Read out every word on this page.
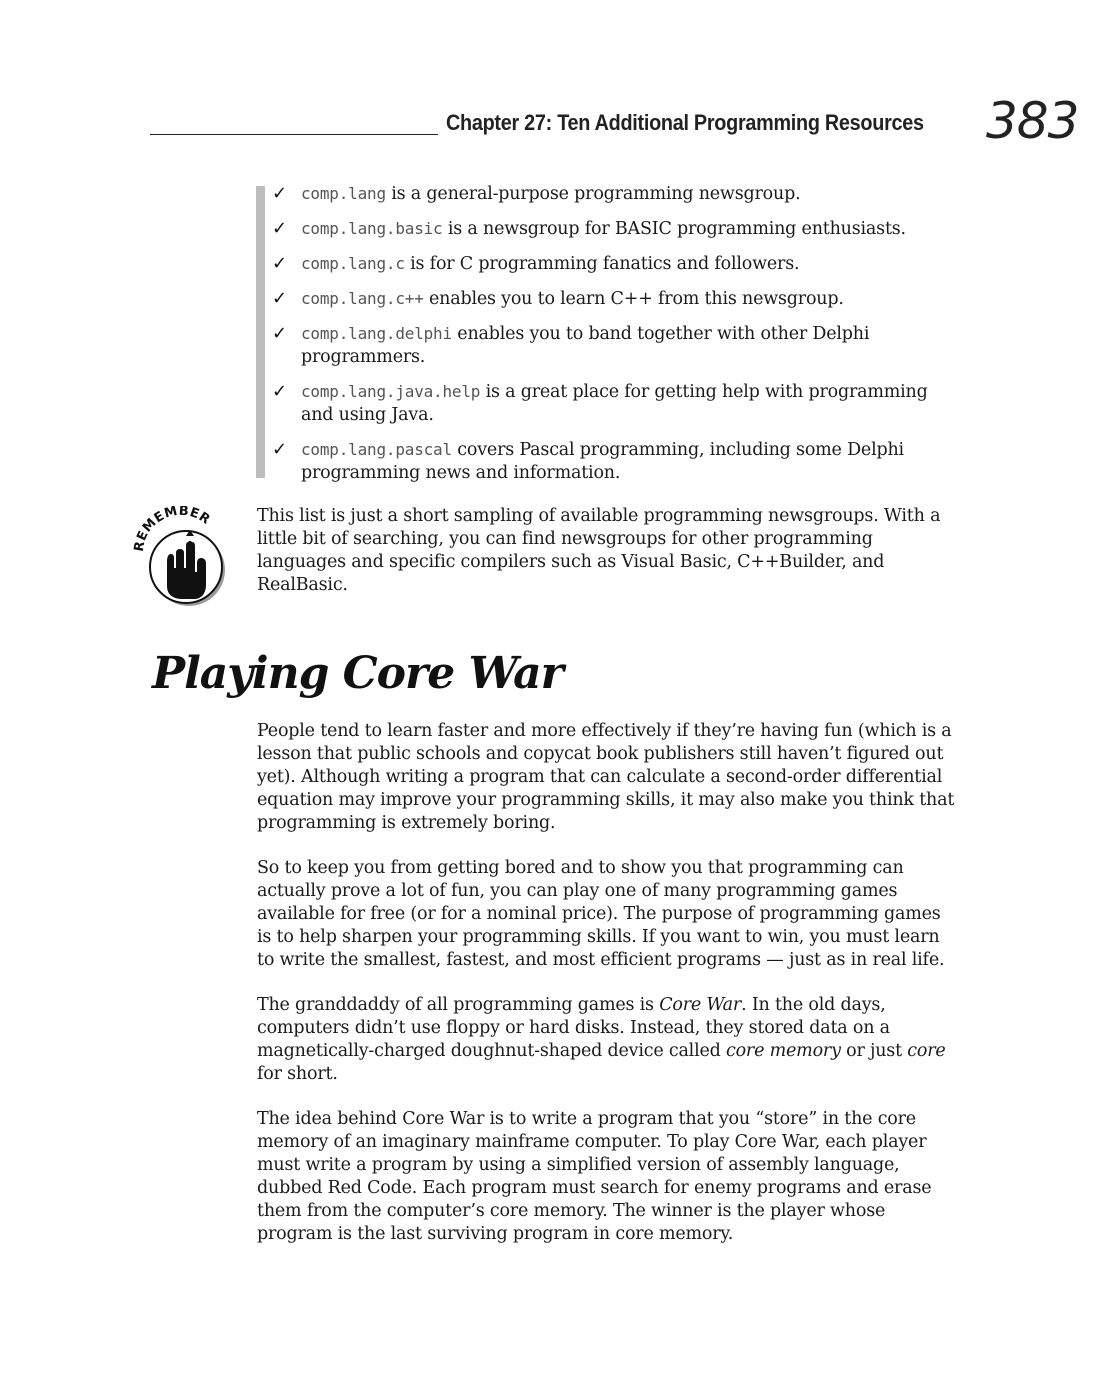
Chapter 27: Ten Additional Programming Resources 383
✓ comp.lang is a general-purpose programming newsgroup.
✓ comp.lang.basic is a newsgroup for BASIC programming enthusiasts.
✓ comp.lang.c is for C programming fanatics and followers.
✓ comp.lang.c++ enables you to learn C++ from this newsgroup.
✓ comp.lang.delphi enables you to band together with other Delphi programmers.
✓ comp.lang.java.help is a great place for getting help with programming and using Java.
✓ comp.lang.pascal covers Pascal programming, including some Delphi programming news and information.
REMEMBER	This list is just a short sampling of available programming newsgroups. With a little bit of searching, you can find newsgroups for other programming languages and specific compilers such as Visual Basic, C++Builder, and RealBasic.

Playing Core War

People tend to learn faster and more effectively if they’re having fun (which is a lesson that public schools and copycat book publishers still haven’t figured out yet). Although writing a program that can calculate a second-order differential equation may improve your programming skills, it may also make you think that programming is extremely boring.

So to keep you from getting bored and to show you that programming can actually prove a lot of fun, you can play one of many programming games available for free (or for a nominal price). The purpose of programming games is to help sharpen your programming skills. If you want to win, you must learn to write the smallest, fastest, and most efficient programs — just as in real life.

The granddaddy of all programming games is Core War. In the old days, computers didn’t use floppy or hard disks. Instead, they stored data on a magnetically-charged doughnut-shaped device called core memory or just core for short.

The idea behind Core War is to write a program that you “store” in the core memory of an imaginary mainframe computer. To play Core War, each player must write a program by using a simplified version of assembly language, dubbed Red Code. Each program must search for enemy programs and erase them from the computer’s core memory. The winner is the player whose program is the last surviving program in core memory.
